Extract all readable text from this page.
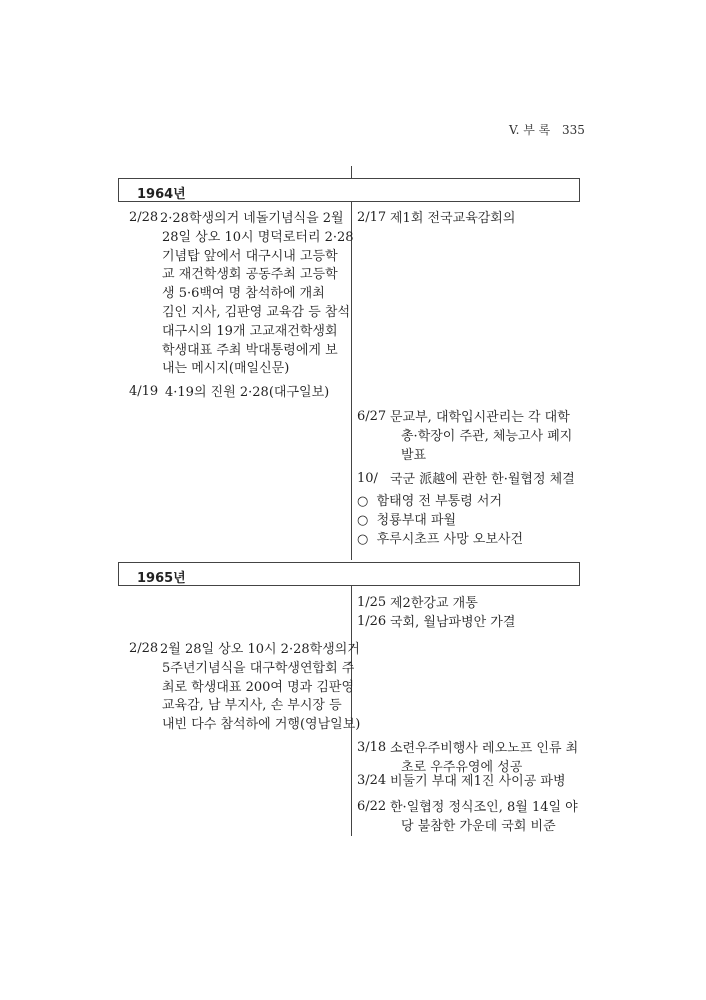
V. 부 록 335
1964년
2/28 2·28학생의거 네돌기념식을 2월
28일 상오 10시 명덕로터리 2·28
기념탑 앞에서 대구시내 고등학
교 재건학생회 공동주최 고등학
생 5·6백여 명 참석하에 개최
김인 지사, 김판영 교육감 등 참석
대구시의 19개 고교재건학생회
학생대표 주최 박대통령에게 보
내는 메시지(매일신문)
4/19 4·19의 진원 2·28(대구일보)
2/17 제1회 전국교육감회의
6/27 문교부, 대학입시관리는 각 대학
총·학장이 주관, 체능고사 폐지
발표
10/ 국군 派越에 관한 한·월협정 체결
○ 함태영 전 부통령 서거
○ 청룡부대 파월
○ 후루시초프 사망 오보사건
1965년
1/25 제2한강교 개통
1/26 국회, 월남파병안 가결
2/28 2월 28일 상오 10시 2·28학생의거
5주년기념식을 대구학생연합회 주
최로 학생대표 200여 명과 김판영
교육감, 남 부지사, 손 부시장 등
내빈 다수 참석하에 거행(영남일보)
3/18 소련우주비행사 레오노프 인류 최
초로 우주유영에 성공
3/24 비둘기 부대 제1진 사이공 파병
6/22 한·일협정 정식조인, 8월 14일 야
당 불참한 가운데 국회 비준
